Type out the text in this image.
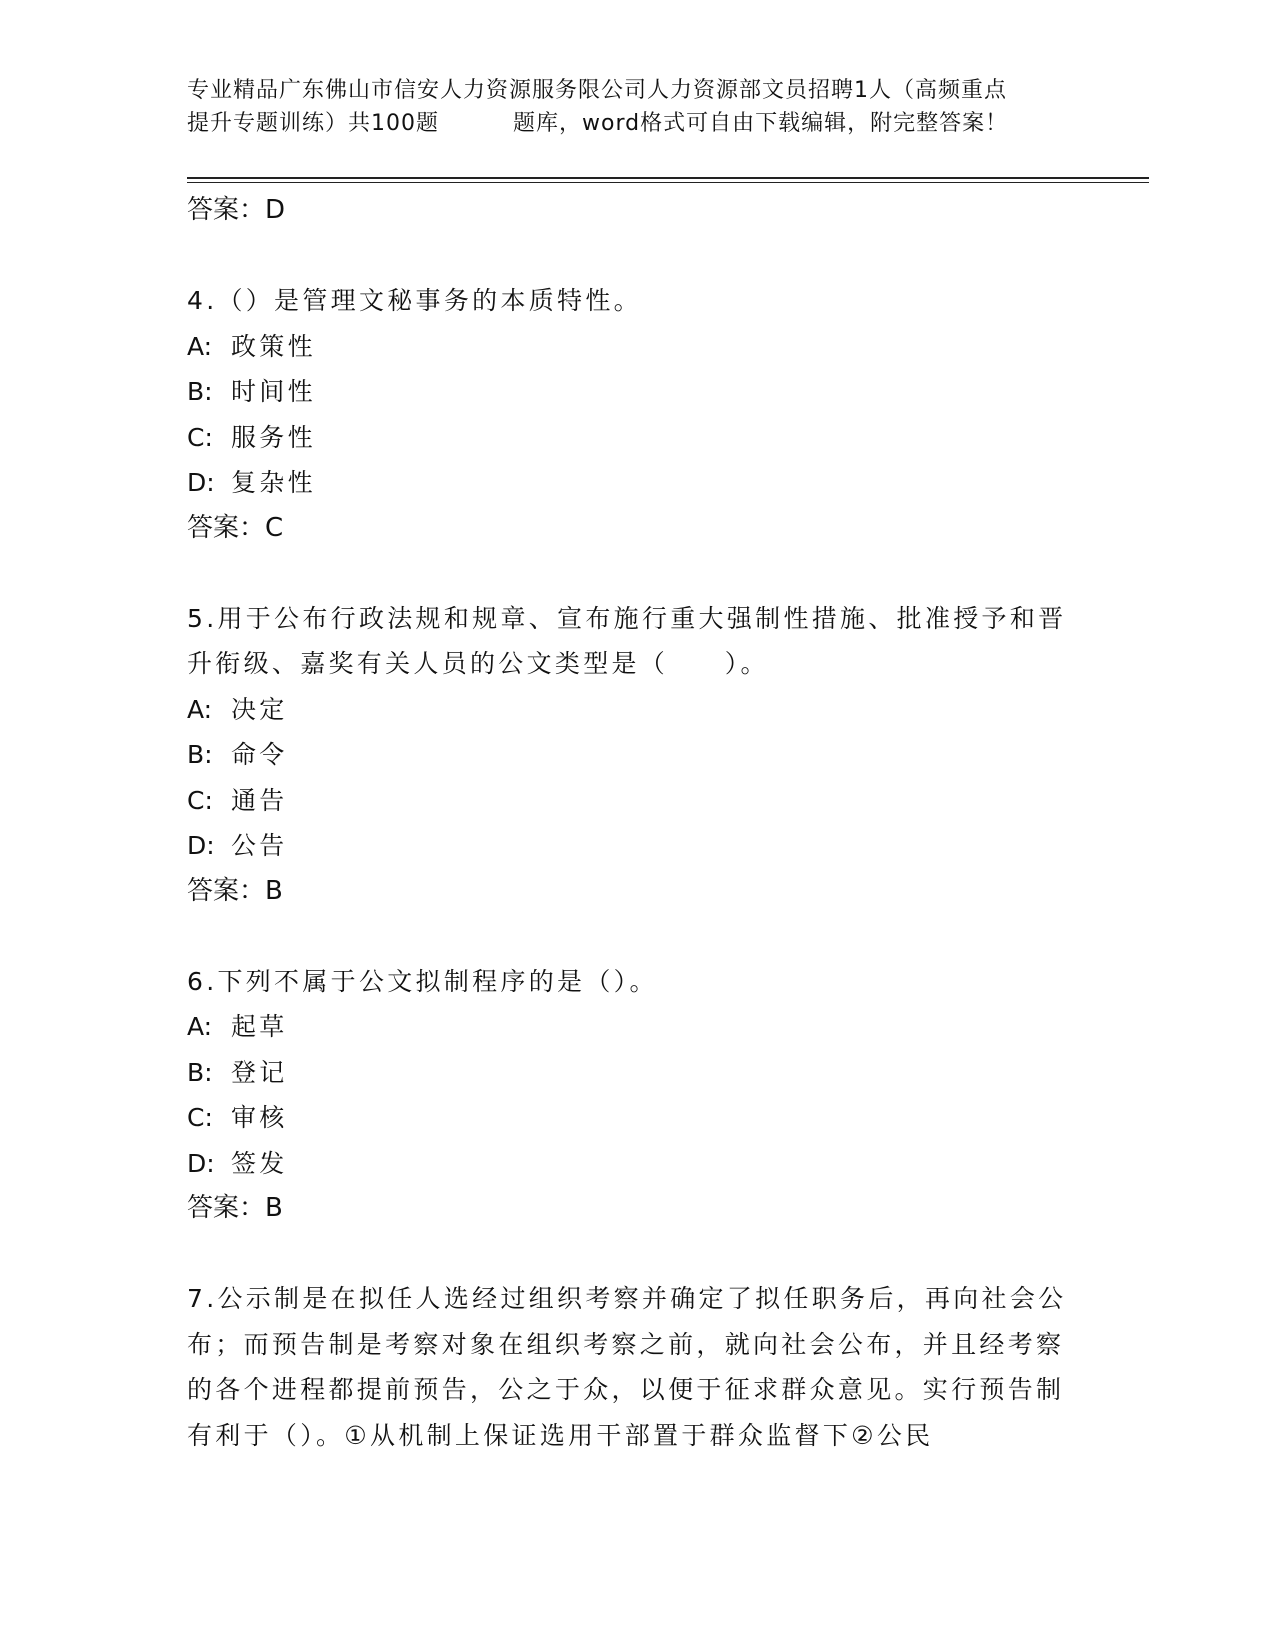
专业精品广东佛山市信安人力资源服务限公司人力资源部文员招聘1人（高频重点
提升专题训练）共100题	题库，word格式可自由下载编辑，附完整答案！
答案：D
4.（）是管理文秘事务的本质特性。
A: 政策性
B: 时间性
C: 服务性
D: 复杂性
答案：C
5.用于公布行政法规和规章、宣布施行重大强制性措施、批准授予和晋升衔级、嘉奖有关人员的公文类型是（　　）。
A: 决定
B: 命令
C: 通告
D: 公告
答案：B
6.下列不属于公文拟制程序的是（）。
A: 起草
B: 登记
C: 审核
D: 签发
答案：B
7.公示制是在拟任人选经过组织考察并确定了拟任职务后，再向社会公布；而预告制是考察对象在组织考察之前，就向社会公布，并且经考察的各个进程都提前预告，公之于众，以便于征求群众意见。实行预告制有利于（）。①从机制上保证选用干部置于群众监督下②公民
